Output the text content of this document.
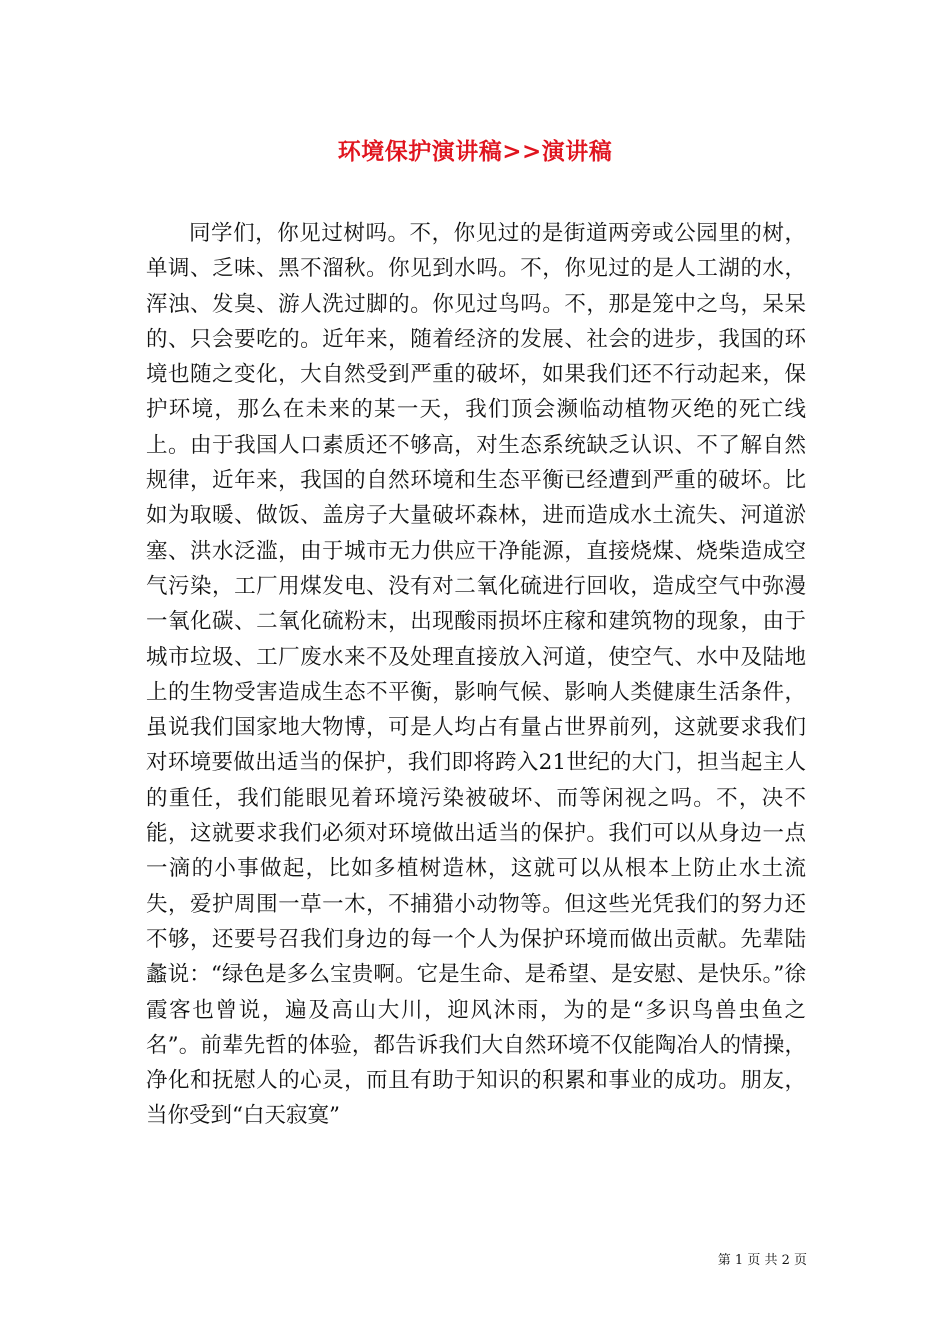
环境保护演讲稿>>演讲稿

同学们，你见过树吗。不，你见过的是街道两旁或公园里的树，单调、乏味、黑不溜秋。你见到水吗。不，你见过的是人工湖的水，浑浊、发臭、游人洗过脚的。你见过鸟吗。不，那是笼中之鸟，呆呆的、只会要吃的。近年来，随着经济的发展、社会的进步，我国的环境也随之变化，大自然受到严重的破坏，如果我们还不行动起来，保护环境，那么在未来的某一天，我们顶会濒临动植物灭绝的死亡线上。由于我国人口素质还不够高，对生态系统缺乏认识、不了解自然规律，近年来，我国的自然环境和生态平衡已经遭到严重的破坏。比如为取暖、做饭、盖房子大量破坏森林，进而造成水土流失、河道淤塞、洪水泛滥，由于城市无力供应干净能源，直接烧煤、烧柴造成空气污染，工厂用煤发电、没有对二氧化硫进行回收，造成空气中弥漫一氧化碳、二氧化硫粉末，出现酸雨损坏庄稼和建筑物的现象，由于城市垃圾、工厂废水来不及处理直接放入河道，使空气、水中及陆地上的生物受害造成生态不平衡，影响气候、影响人类健康生活条件，虽说我们国家地大物博，可是人均占有量占世界前列，这就要求我们对环境要做出适当的保护，我们即将跨入21世纪的大门，担当起主人的重任，我们能眼见着环境污染被破坏、而等闲视之吗。不，决不能，这就要求我们必须对环境做出适当的保护。我们可以从身边一点一滴的小事做起，比如多植树造林，这就可以从根本上防止水土流失，爱护周围一草一木，不捕猎小动物等。但这些光凭我们的努力还不够，还要号召我们身边的每一个人为保护环境而做出贡献。先辈陆蠡说：“绿色是多么宝贵啊。它是生命、是希望、是安慰、是快乐。”徐霞客也曾说，遍及高山大川，迎风沐雨，为的是“多识鸟兽虫鱼之名”。前辈先哲的体验，都告诉我们大自然环境不仅能陶冶人的情操，净化和抚慰人的心灵，而且有助于知识的积累和事业的成功。朋友，当你受到“白天寂寞”

第 1 页 共 2 页
